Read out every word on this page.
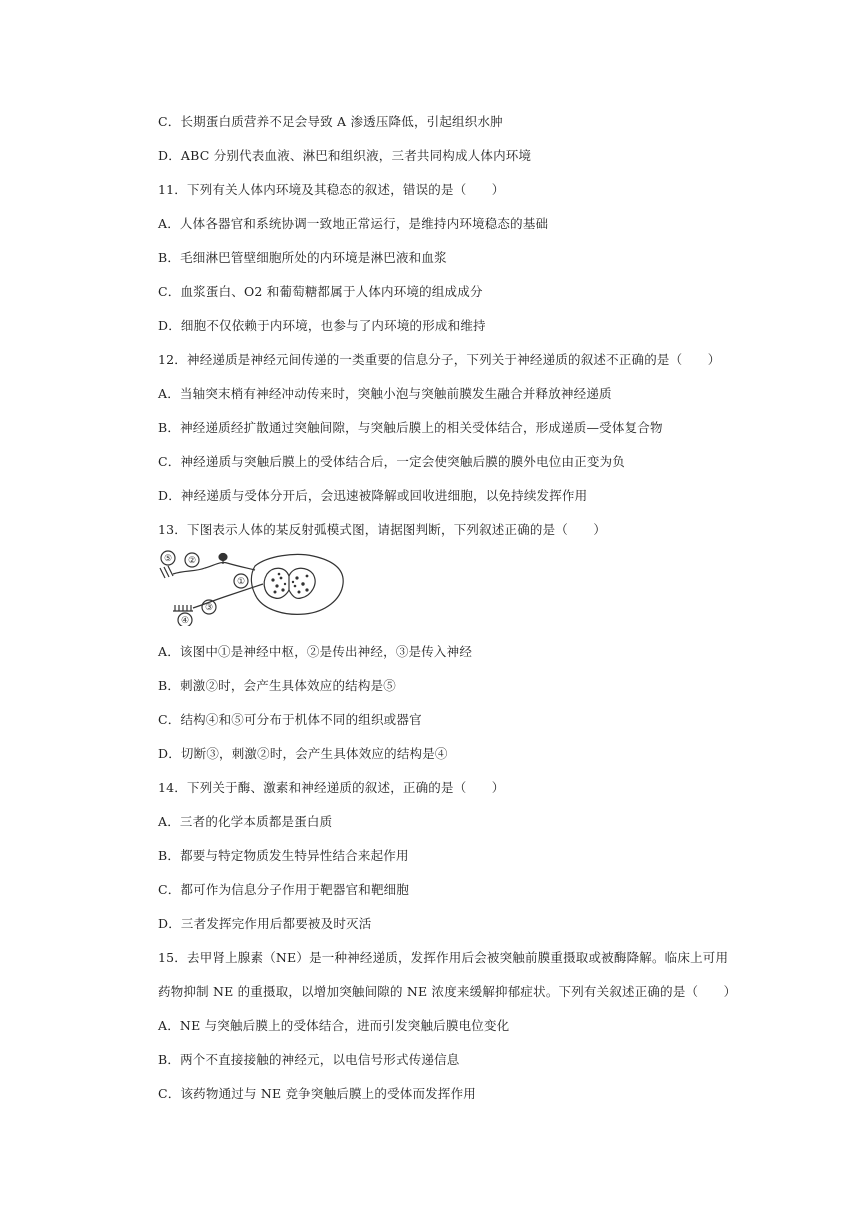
C．长期蛋白质营养不足会导致 A 渗透压降低，引起组织水肿
D．ABC 分别代表血液、淋巴和组织液，三者共同构成人体内环境
11．下列有关人体内环境及其稳态的叙述，错误的是（　　）
A．人体各器官和系统协调一致地正常运行，是维持内环境稳态的基础
B．毛细淋巴管壁细胞所处的内环境是淋巴液和血浆
C．血浆蛋白、O2 和葡萄糖都属于人体内环境的组成成分
D．细胞不仅依赖于内环境，也参与了内环境的形成和维持
12．神经递质是神经元间传递的一类重要的信息分子，下列关于神经递质的叙述不正确的是（　　）
A．当轴突末梢有神经冲动传来时，突触小泡与突触前膜发生融合并释放神经递质
B．神经递质经扩散通过突触间隙，与突触后膜上的相关受体结合，形成递质—受体复合物
C．神经递质与突触后膜上的受体结合后，一定会使突触后膜的膜外电位由正变为负
D．神经递质与受体分开后，会迅速被降解或回收进细胞，以免持续发挥作用
13．下图表示人体的某反射弧模式图，请据图判断，下列叙述正确的是（　　）
⑤ ②
①
④
③
A．该图中①是神经中枢，②是传出神经，③是传入神经
B．刺激②时，会产生具体效应的结构是⑤
C．结构④和⑤可分布于机体不同的组织或器官
D．切断③，刺激②时，会产生具体效应的结构是④
14．下列关于酶、激素和神经递质的叙述，正确的是（　　）
A．三者的化学本质都是蛋白质
B．都要与特定物质发生特异性结合来起作用
C．都可作为信息分子作用于靶器官和靶细胞
D．三者发挥完作用后都要被及时灭活
15．去甲肾上腺素（NE）是一种神经递质，发挥作用后会被突触前膜重摄取或被酶降解。临床上可用
药物抑制 NE 的重摄取，以增加突触间隙的 NE 浓度来缓解抑郁症状。下列有关叙述正确的是（　　）
A．NE 与突触后膜上的受体结合，进而引发突触后膜电位变化
B．两个不直接接触的神经元，以电信号形式传递信息
C．该药物通过与 NE 竞争突触后膜上的受体而发挥作用
